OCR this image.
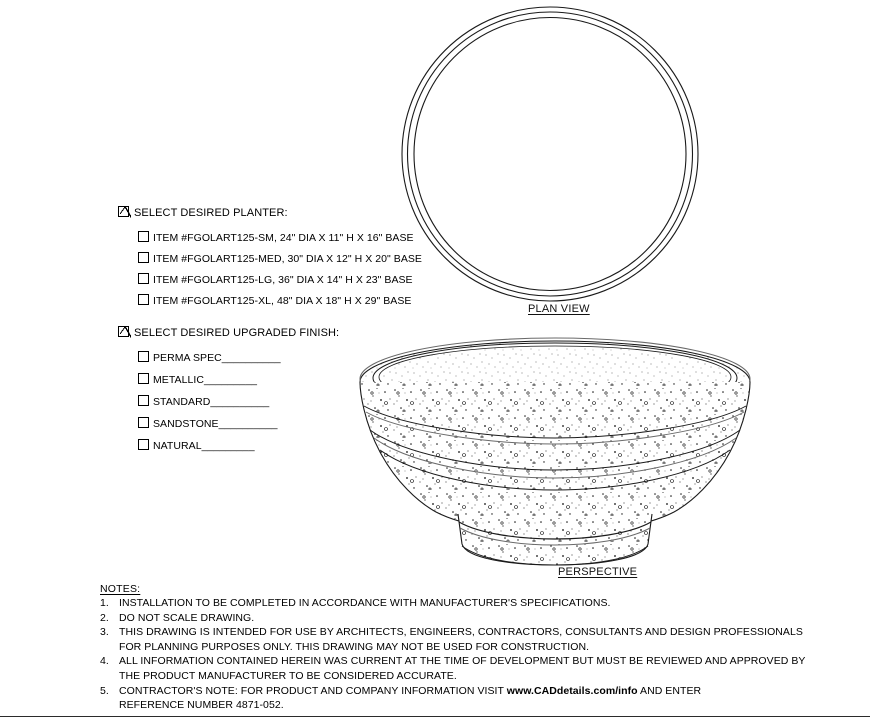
PLAN VIEW
PERSPECTIVE
SELECT DESIRED PLANTER:
ITEM #FGOLART125-SM, 24" DIA X 11" H X 16" BASE
ITEM #FGOLART125-MED, 30" DIA X 12" H X 20" BASE
ITEM #FGOLART125-LG, 36" DIA X 14" H X 23" BASE
ITEM #FGOLART125-XL, 48" DIA X 18" H X 29" BASE
SELECT DESIRED UPGRADED FINISH:
PERMA SPEC__________
METALLIC_________
STANDARD__________
SANDSTONE__________
NATURAL_________
NOTES:
1. INSTALLATION TO BE COMPLETED IN ACCORDANCE WITH MANUFACTURER'S SPECIFICATIONS.
2. DO NOT SCALE DRAWING.
3. THIS DRAWING IS INTENDED FOR USE BY ARCHITECTS, ENGINEERS, CONTRACTORS, CONSULTANTS AND DESIGN PROFESSIONALS
FOR PLANNING PURPOSES ONLY. THIS DRAWING MAY NOT BE USED FOR CONSTRUCTION.
4. ALL INFORMATION CONTAINED HEREIN WAS CURRENT AT THE TIME OF DEVELOPMENT BUT MUST BE REVIEWED AND APPROVED BY
THE PRODUCT MANUFACTURER TO BE CONSIDERED ACCURATE.
5. CONTRACTOR'S NOTE: FOR PRODUCT AND COMPANY INFORMATION VISIT www.CADdetails.com/info AND ENTER
REFERENCE NUMBER 4871-052.
